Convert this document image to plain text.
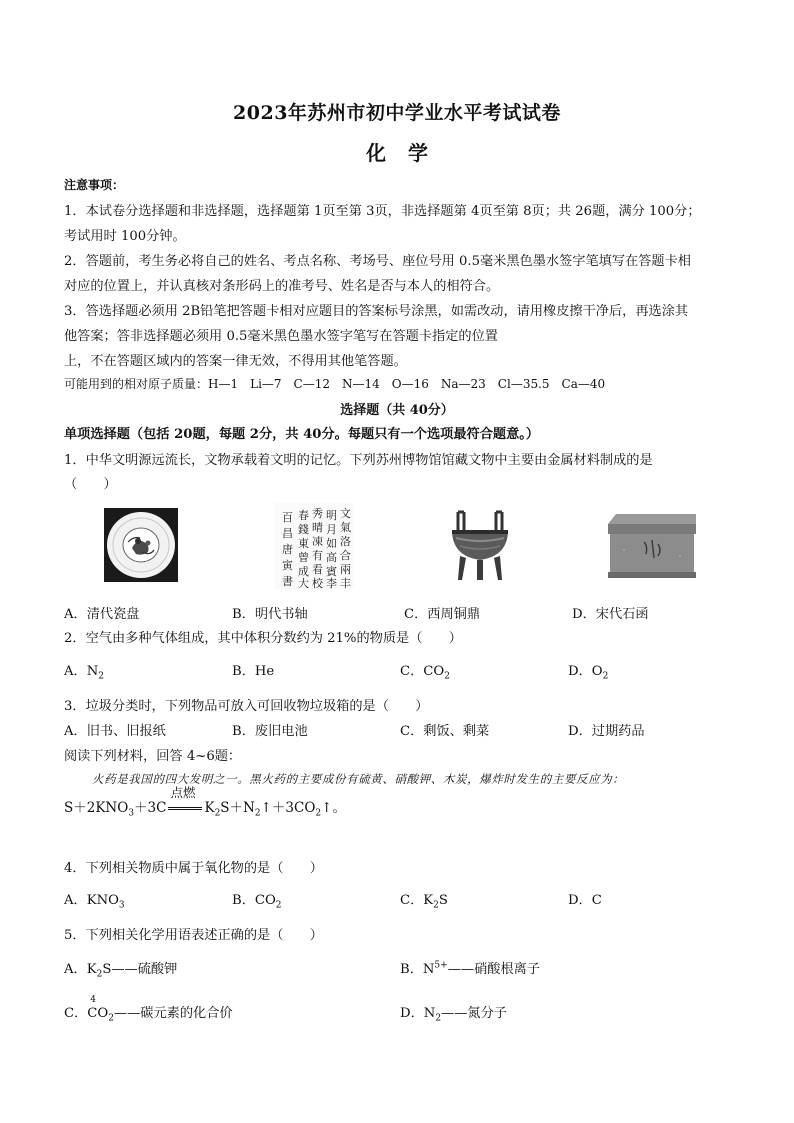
2023年苏州市初中学业水平考试试卷
化学
注意事项：
1．本试卷分选择题和非选择题，选择题第 1页至第 3页，非选择题第 4页至第 8页；共 26题，满分 100分；
考试用时 100分钟。
2．答题前，考生务必将自己的姓名、考点名称、考场号、座位号用 0.5毫米黑色墨水签字笔填写在答题卡相
对应的位置上，并认真核对条形码上的准考号、姓名是否与本人的相符合。
3．答选择题必须用 2B铅笔把答题卡相对应题目的答案标号涂黑，如需改动，请用橡皮擦干净后，再选涂其
他答案；答非选择题必须用 0.5毫米黑色墨水签字笔写在答题卡指定的位置
上，不在答题区域内的答案一律无效，不得用其他笔答题。
可能用到的相对原子质量：H—1　Li—7　C—12　N—14　O—16　Na—23　Cl—35.5　Ca—40
选择题（共 40分）
单项选择题（包括 20题，每题 2分，共 40分。每题只有一个选项最符合题意。）
1．中华文明源远流长，文物承载着文明的记忆。下列苏州博物馆馆藏文物中主要由金属材料制成的是
（　　）
文
氣
洛
合
兩
丰
明
月
如
高
賓
李
秀
晴
凍
有
看
校
春
錢
東
曾
成
大
百
昌
唐
寅
書
A．清代瓷盘	B．明代书轴	C．西周铜鼎	D．宋代石函
2．空气由多种气体组成，其中体积分数约为 21%的物质是（　　）
A．$N_2$	B．He	C．$CO_2$	D．$O_2$
3．垃圾分类时，下列物品可放入可回收物垃圾箱的是（　　）
A．旧书、旧报纸	B．废旧电池	C．剩饭、剩菜	D．过期药品
阅读下列材料，回答 4~6题：
火药是我国的四大发明之一。黑火药的主要成份有硫黄、硝酸钾、木炭，爆炸时发生的主要反应为：
$S+2KNO_3+3C$
点燃
$K_2S+N_2↑+3CO_2↑$。
4．下列相关物质中属于氧化物的是（　　）
A．$KNO_3$	B．$CO_2$	C．$K_2S$	D．C
5．下列相关化学用语表述正确的是（　　）
A．$K_2S——$硫酸钾	B．$N^{5+}——$硝酸根离子
C．
4
$CO_2——$碳元素的化合价	D．$N_2——$氮分子
